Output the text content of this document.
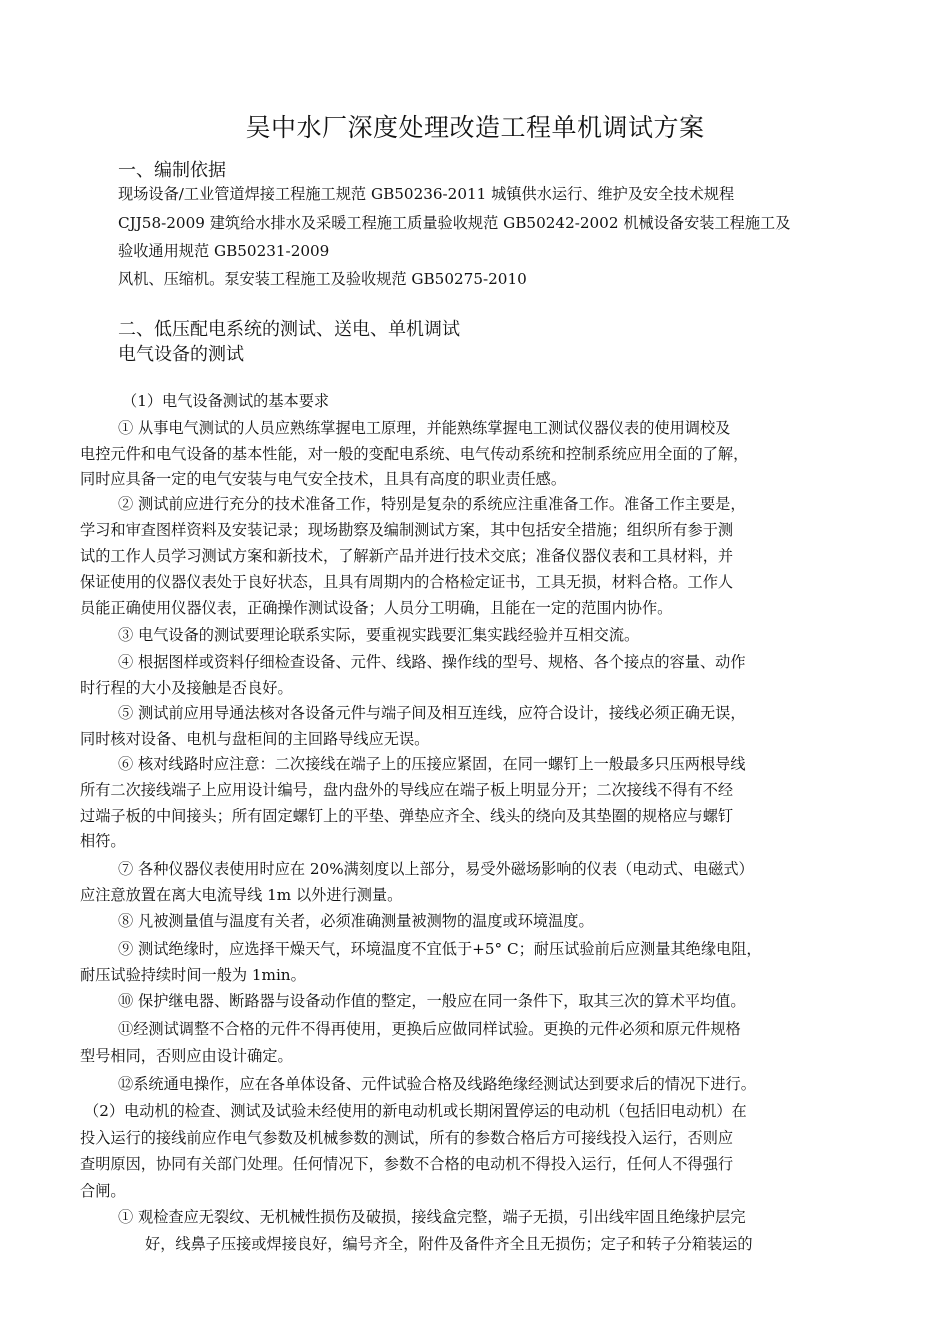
吴中水厂深度处理改造工程单机调试方案
一、编制依据
现场设备/工业管道焊接工程施工规范 GB50236-2011 城镇供水运行、维护及安全技术规程
CJJ58-2009 建筑给水排水及采暖工程施工质量验收规范 GB50242-2002 机械设备安装工程施工及
验收通用规范 GB50231-2009
风机、压缩机。泵安装工程施工及验收规范 GB50275-2010
二、低压配电系统的测试、送电、单机调试
电气设备的测试
（1）电气设备测试的基本要求
① 从事电气测试的人员应熟练掌握电工原理，并能熟练掌握电工测试仪器仪表的使用调校及
电控元件和电气设备的基本性能，对一般的变配电系统、电气传动系统和控制系统应用全面的了解，
同时应具备一定的电气安装与电气安全技术，且具有高度的职业责任感。
② 测试前应进行充分的技术准备工作，特别是复杂的系统应注重准备工作。准备工作主要是，
学习和审查图样资料及安装记录；现场勘察及编制测试方案，其中包括安全措施；组织所有参于测
试的工作人员学习测试方案和新技术，了解新产品并进行技术交底；准备仪器仪表和工具材料，并
保证使用的仪器仪表处于良好状态，且具有周期内的合格检定证书，工具无损，材料合格。工作人
员能正确使用仪器仪表，正确操作测试设备；人员分工明确，且能在一定的范围内协作。
③ 电气设备的测试要理论联系实际，要重视实践要汇集实践经验并互相交流。
④ 根据图样或资料仔细检查设备、元件、线路、操作线的型号、规格、各个接点的容量、动作
时行程的大小及接触是否良好。
⑤ 测试前应用导通法核对各设备元件与端子间及相互连线，应符合设计，接线必须正确无误，
同时核对设备、电机与盘柜间的主回路导线应无误。
⑥ 核对线路时应注意：二次接线在端子上的压接应紧固，在同一螺钉上一般最多只压两根导线
所有二次接线端子上应用设计编号，盘内盘外的导线应在端子板上明显分开；二次接线不得有不经
过端子板的中间接头；所有固定螺钉上的平垫、弹垫应齐全、线头的绕向及其垫圈的规格应与螺钉
相符。
⑦ 各种仪器仪表使用时应在 20%满刻度以上部分，易受外磁场影响的仪表（电动式、电磁式）
应注意放置在离大电流导线 1m 以外进行测量。
⑧ 凡被测量值与温度有关者，必须准确测量被测物的温度或环境温度。
⑨ 测试绝缘时，应选择干燥天气，环境温度不宜低于+5° C；耐压试验前后应测量其绝缘电阻，
耐压试验持续时间一般为 1min。
⑩ 保护继电器、断路器与设备动作值的整定，一般应在同一条件下，取其三次的算术平均值。
⑪经测试调整不合格的元件不得再使用，更换后应做同样试验。更换的元件必须和原元件规格
型号相同，否则应由设计确定。
⑫系统通电操作，应在各单体设备、元件试验合格及线路绝缘经测试达到要求后的情况下进行。
（2）电动机的检查、测试及试验未经使用的新电动机或长期闲置停运的电动机（包括旧电动机）在
投入运行的接线前应作电气参数及机械参数的测试，所有的参数合格后方可接线投入运行，否则应
查明原因，协同有关部门处理。任何情况下，参数不合格的电动机不得投入运行，任何人不得强行
合闸。
① 观检查应无裂纹、无机械性损伤及破损，接线盒完整，端子无损，引出线牢固且绝缘护层完
好，线鼻子压接或焊接良好，编号齐全，附件及备件齐全且无损伤；定子和转子分箱装运的
